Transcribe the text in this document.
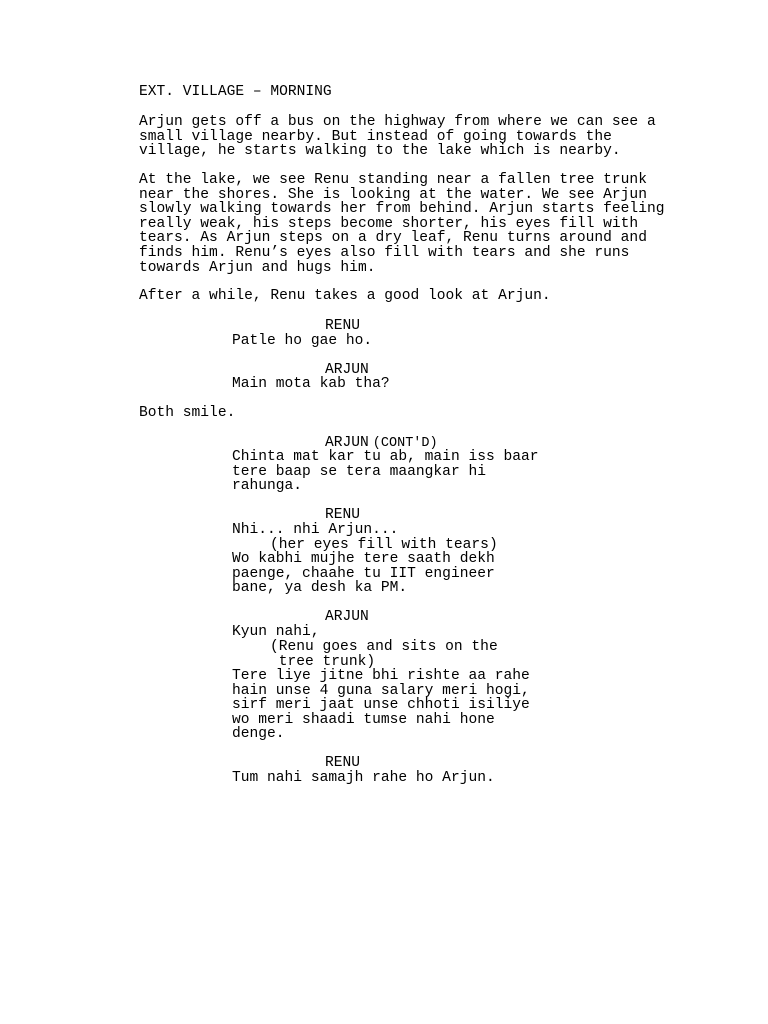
EXT. VILLAGE – MORNING

Arjun gets off a bus on the highway from where we can see a
small village nearby. But instead of going towards the
village, he starts walking to the lake which is nearby.

At the lake, we see Renu standing near a fallen tree trunk
near the shores. She is looking at the water. We see Arjun
slowly walking towards her from behind. Arjun starts feeling
really weak, his steps become shorter, his eyes fill with
tears. As Arjun steps on a dry leaf, Renu turns around and
finds him. Renu’s eyes also fill with tears and she runs
towards Arjun and hugs him.

After a while, Renu takes a good look at Arjun.

RENU

Patle ho gae ho.

ARJUN

Main mota kab tha?

Both smile.

ARJUN (CONT'D)

Chinta mat kar tu ab, main iss baar
tere baap se tera maangkar hi
rahunga.

RENU

Nhi... nhi Arjun...

(her eyes fill with tears)

Wo kabhi mujhe tere saath dekh
paenge, chaahe tu IIT engineer
bane, ya desh ka PM.

ARJUN

Kyun nahi,

(Renu goes and sits on the
tree trunk)

Tere liye jitne bhi rishte aa rahe
hain unse 4 guna salary meri hogi,
sirf meri jaat unse chhoti isiliye
wo meri shaadi tumse nahi hone
denge.

RENU

Tum nahi samajh rahe ho Arjun.
